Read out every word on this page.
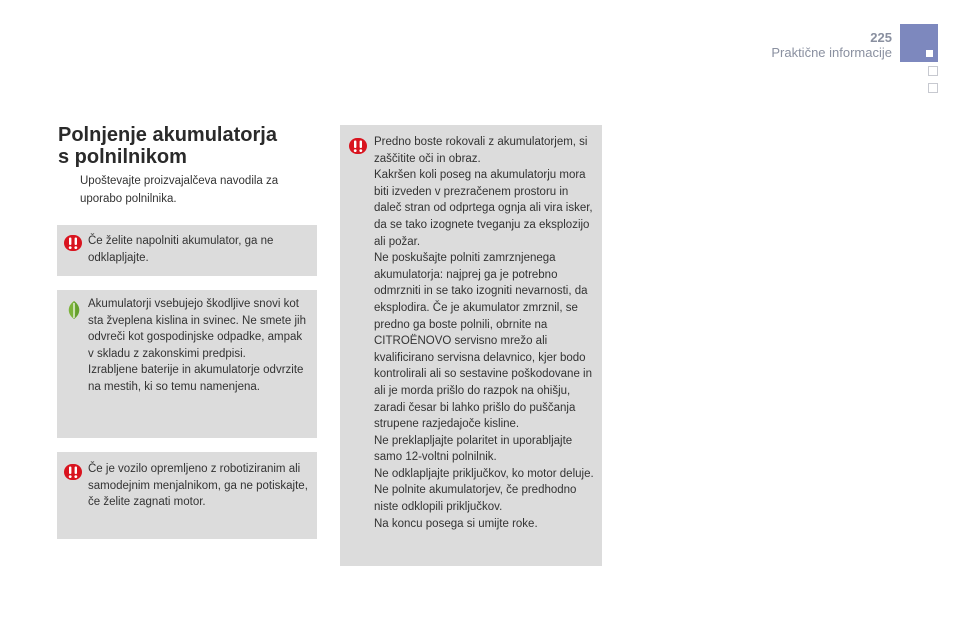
225
Praktične informacije
Polnjenje akumulatorja
s polnilnikom
Upoštevajte proizvajalčeva navodila za uporabo polnilnika.

Če želite napolniti akumulator, ga ne odklapljajte.

Akumulatorji vsebujejo škodljive snovi kot sta žveplena kislina in svinec. Ne smete jih odvreči kot gospodinjske odpadke, ampak v skladu z zakonskimi predpisi.

Izrabljene baterije in akumulatorje odvrzite na mestih, ki so temu namenjena.

Če je vozilo opremljeno z robotiziranim ali samodejnim menjalnikom, ga ne potiskajte, če želite zagnati motor.

Predno boste rokovali z akumulatorjem, si zaščitite oči in obraz.

Kakršen koli poseg na akumulatorju mora biti izveden v prezračenem prostoru in daleč stran od odprtega ognja ali vira isker, da se tako izognete tveganju za eksplozijo ali požar.

Ne poskušajte polniti zamrznjenega akumulatorja: najprej ga je potrebno odmrzniti in se tako izogniti nevarnosti, da eksplodira. Če je akumulator zmrznil, se predno ga boste polnili, obrnite na CITROËNOVO servisno mrežo ali kvalificirano servisna delavnico, kjer bodo kontrolirali ali so sestavine poškodovane in ali je morda prišlo do razpok na ohišju, zaradi česar bi lahko prišlo do puščanja strupene razjedajoče kisline.

Ne preklapljajte polaritet in uporabljajte samo 12-voltni polnilnik.

Ne odklapljajte priključkov, ko motor deluje.

Ne polnite akumulatorjev, če predhodno niste odklopili priključkov.

Na koncu posega si umijte roke.
